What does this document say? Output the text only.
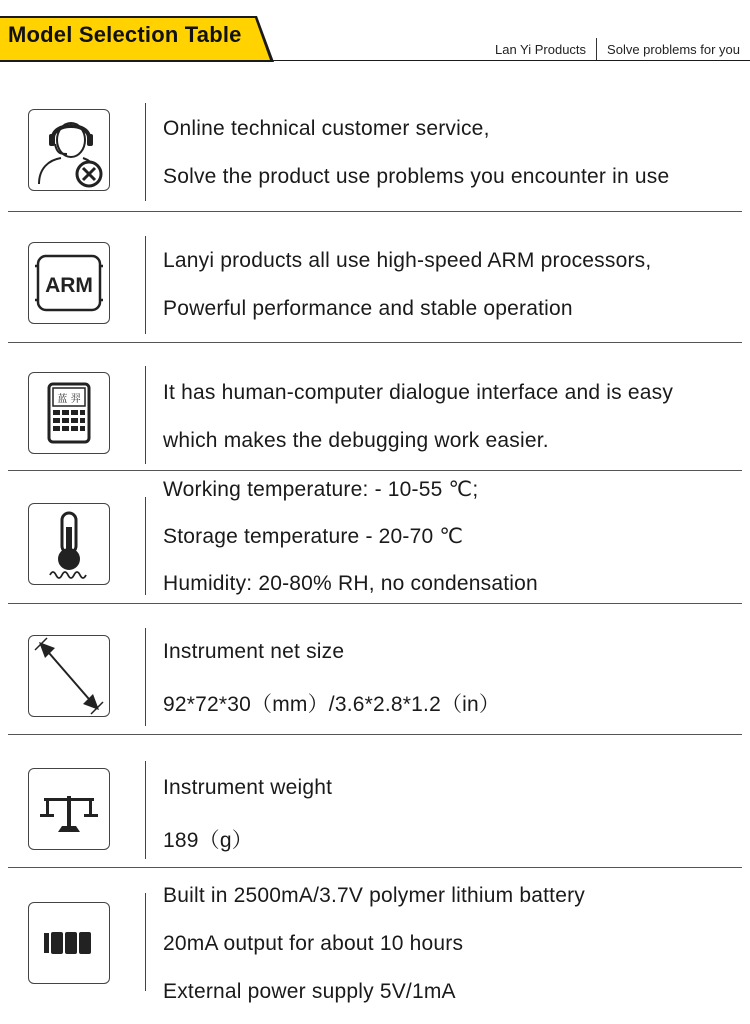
Model Selection Table
Lan Yi Products Solve problems for you
Online technical customer service,
Solve the product use problems you encounter in use
ARM
Lanyi products all use high-speed ARM processors,
Powerful performance and stable operation
蓝 羿	It has human-computer dialogue interface and is easy
which makes the debugging work easier.
Working temperature: - 10-55 ℃;
Storage temperature - 20-70 ℃
Humidity: 20-80% RH, no condensation
Instrument net size
92*72*30（mm）/3.6*2.8*1.2（in）
Instrument weight
189（g）
Built in 2500mA/3.7V polymer lithium battery
20mA output for about 10 hours
External power supply 5V/1mA
